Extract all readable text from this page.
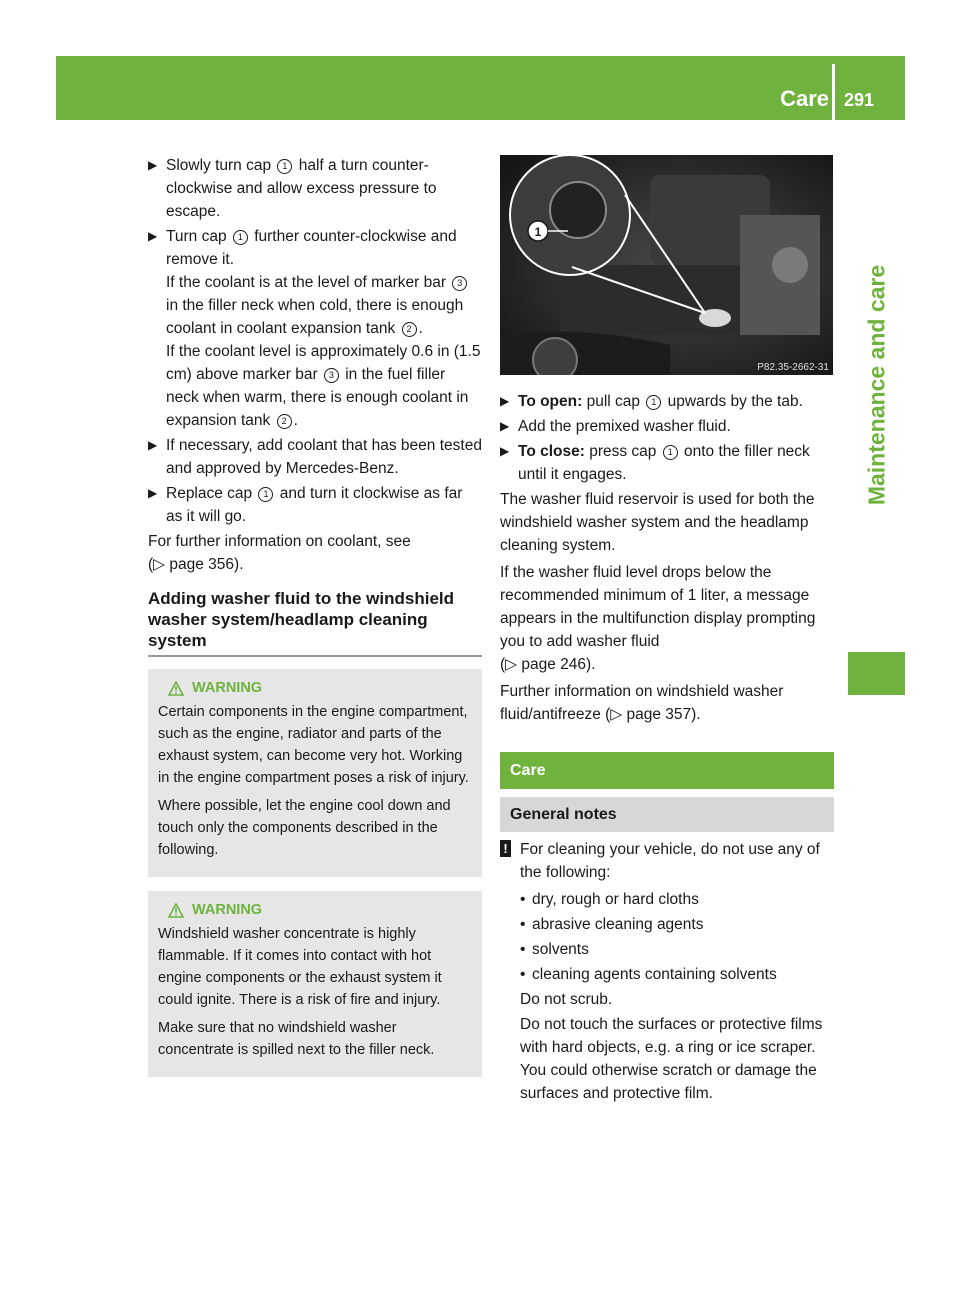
Care 291
Maintenance and care
▶ Slowly turn cap 1 half a turn counter-clockwise and allow excess pressure to escape.

▶ Turn cap 1 further counter-clockwise and remove it.

If the coolant is at the level of marker bar 3 in the filler neck when cold, there is enough coolant in coolant expansion tank 2 .

If the coolant level is approximately 0.6 in (1.5 cm) above marker bar 3 in the fuel filler neck when warm, there is enough coolant in expansion tank 2 .

▶ If necessary, add coolant that has been tested and approved by Mercedes-Benz.

▶ Replace cap 1 and turn it clockwise as far as it will go.

For further information on coolant, see
(▷ page 356).

Adding washer fluid to the windshield washer system/headlamp cleaning system
WARNING

Certain components in the engine compartment, such as the engine, radiator and parts of the exhaust system, can become very hot. Working in the engine compartment poses a risk of injury.

Where possible, let the engine cool down and touch only the components described in the following.

WARNING

Windshield washer concentrate is highly flammable. If it comes into contact with hot engine components or the exhaust system it could ignite. There is a risk of fire and injury.

Make sure that no windshield washer concentrate is spilled next to the filler neck.

1
P82.35-2662-31
▶ To open: pull cap 1 upwards by the tab.

▶ Add the premixed washer fluid.

▶ To close: press cap 1 onto the filler neck until it engages.

The washer fluid reservoir is used for both the windshield washer system and the headlamp cleaning system.

If the washer fluid level drops below the recommended minimum of 1 liter, a message appears in the multifunction display prompting you to add washer fluid
(▷ page 246).

Further information on windshield washer fluid/antifreeze (▷ page 357).

Care
General notes
! For cleaning your vehicle, do not use any of the following:
• dry, rough or hard cloths
• abrasive cleaning agents
• solvents
• cleaning agents containing solvents

Do not scrub.

Do not touch the surfaces or protective films with hard objects, e.g. a ring or ice scraper. You could otherwise scratch or damage the surfaces and protective film.
